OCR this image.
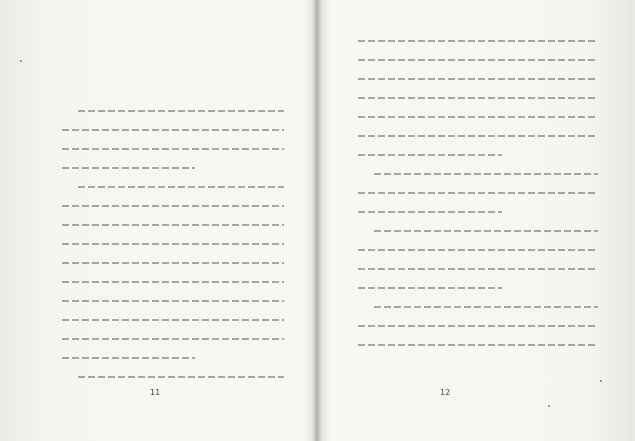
11	12
